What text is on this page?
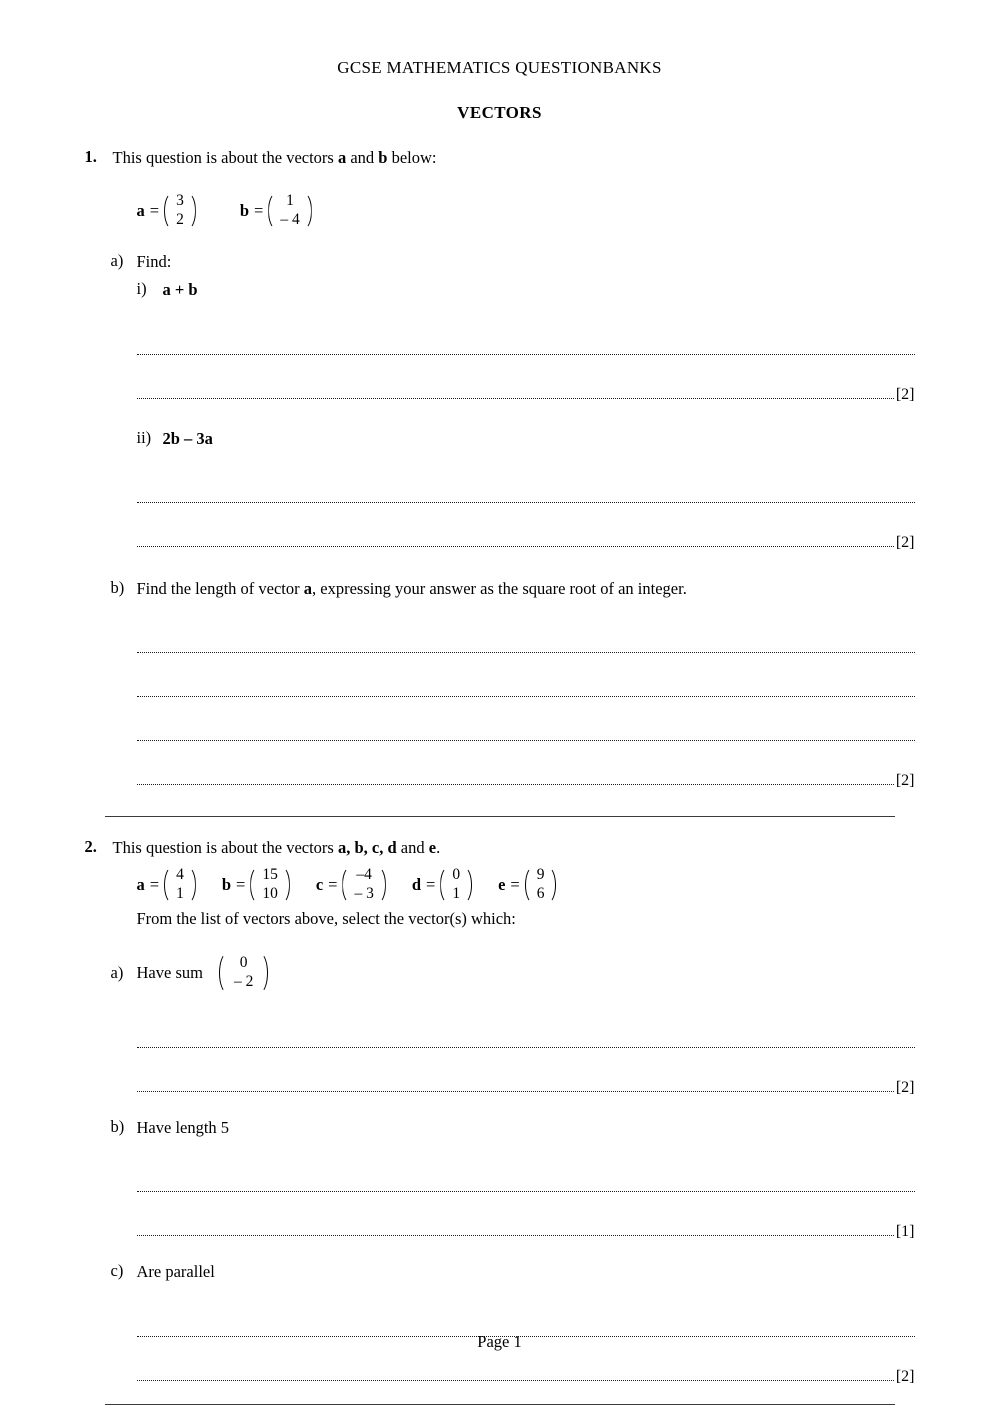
GCSE MATHEMATICS QUESTIONBANKS
VECTORS
1. This question is about the vectors a and b below:
a =
3
2	b =
1
– 4
a) Find:
i) a + b
[2]
ii) 2b – 3a
[2]
b) Find the length of vector a, expressing your answer as the square root of an integer.
[2]
2. This question is about the vectors a, b, c, d and e.
a =
4
1 b =
15
10 c =
–4
– 3 d =
0
1 e =
9
6
From the list of vectors above, select the vector(s) which:
a) Have sum
0
– 2
[2]
b) Have length 5
[1]
c) Are parallel
[2]
Page 1
